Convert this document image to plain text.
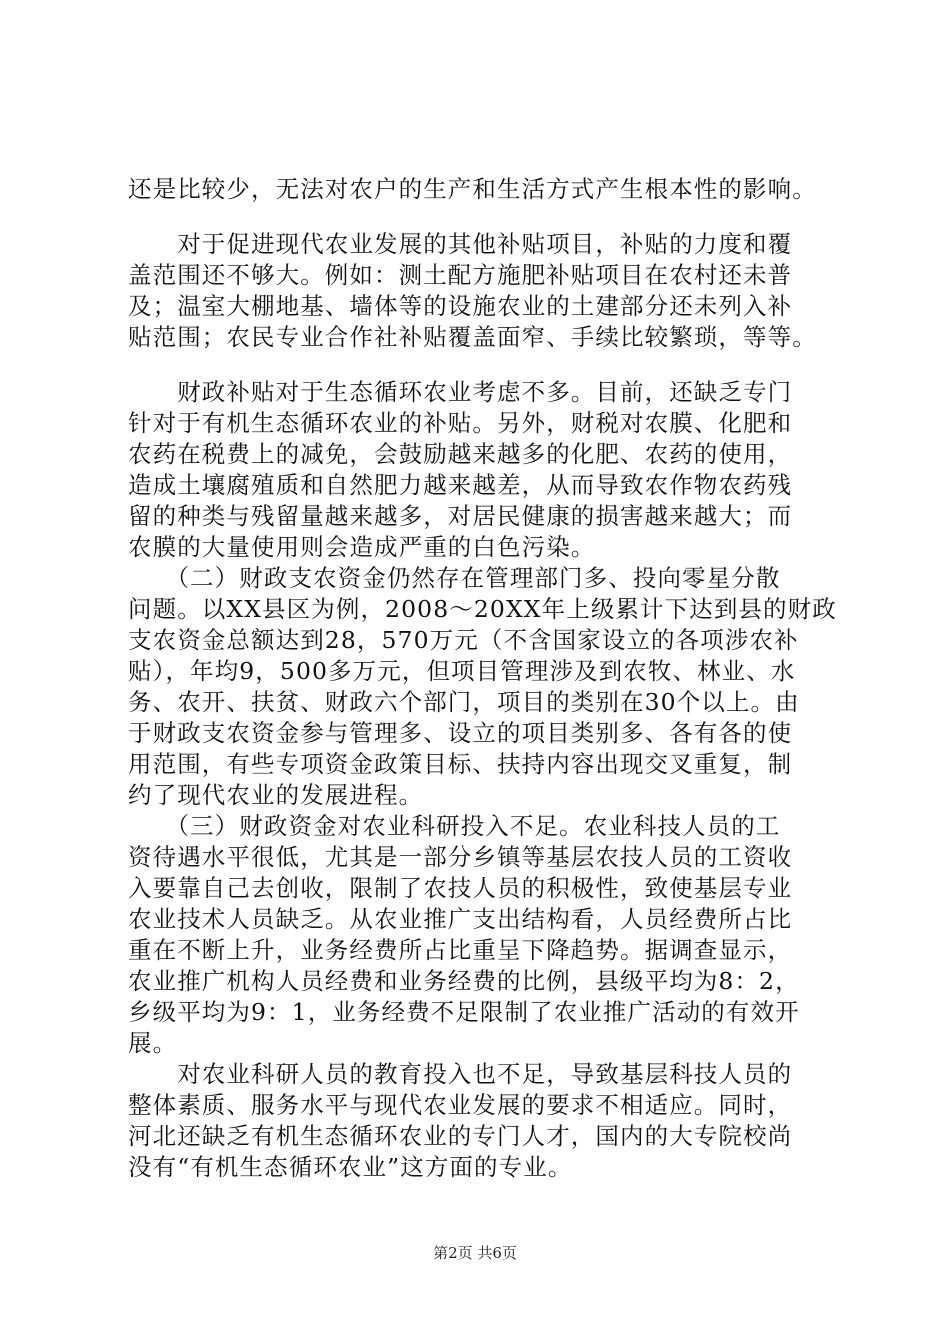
还是比较少，无法对农户的生产和生活方式产生根本性的影响。
　　对于促进现代农业发展的其他补贴项目，补贴的力度和覆
盖范围还不够大。例如：测土配方施肥补贴项目在农村还未普
及；温室大棚地基、墙体等的设施农业的土建部分还未列入补
贴范围；农民专业合作社补贴覆盖面窄、手续比较繁琐，等等。
　　财政补贴对于生态循环农业考虑不多。目前，还缺乏专门
针对于有机生态循环农业的补贴。另外，财税对农膜、化肥和
农药在税费上的减免，会鼓励越来越多的化肥、农药的使用，
造成土壤腐殖质和自然肥力越来越差，从而导致农作物农药残
留的种类与残留量越来越多，对居民健康的损害越来越大；而
农膜的大量使用则会造成严重的白色污染。
　　（二）财政支农资金仍然存在管理部门多、投向零星分散
问题。以XX县区为例，2008～20XX年上级累计下达到县的财政
支农资金总额达到28，570万元（不含国家设立的各项涉农补
贴），年均9，500多万元，但项目管理涉及到农牧、林业、水
务、农开、扶贫、财政六个部门，项目的类别在30个以上。由
于财政支农资金参与管理多、设立的项目类别多、各有各的使
用范围，有些专项资金政策目标、扶持内容出现交叉重复，制
约了现代农业的发展进程。
　　（三）财政资金对农业科研投入不足。农业科技人员的工
资待遇水平很低，尤其是一部分乡镇等基层农技人员的工资收
入要靠自己去创收，限制了农技人员的积极性，致使基层专业
农业技术人员缺乏。从农业推广支出结构看，人员经费所占比
重在不断上升，业务经费所占比重呈下降趋势。据调查显示，
农业推广机构人员经费和业务经费的比例，县级平均为8：2，
乡级平均为9：1，业务经费不足限制了农业推广活动的有效开
展。
　　对农业科研人员的教育投入也不足，导致基层科技人员的
整体素质、服务水平与现代农业发展的要求不相适应。同时，
河北还缺乏有机生态循环农业的专门人才，国内的大专院校尚
没有“有机生态循环农业”这方面的专业。
第2页 共6页
